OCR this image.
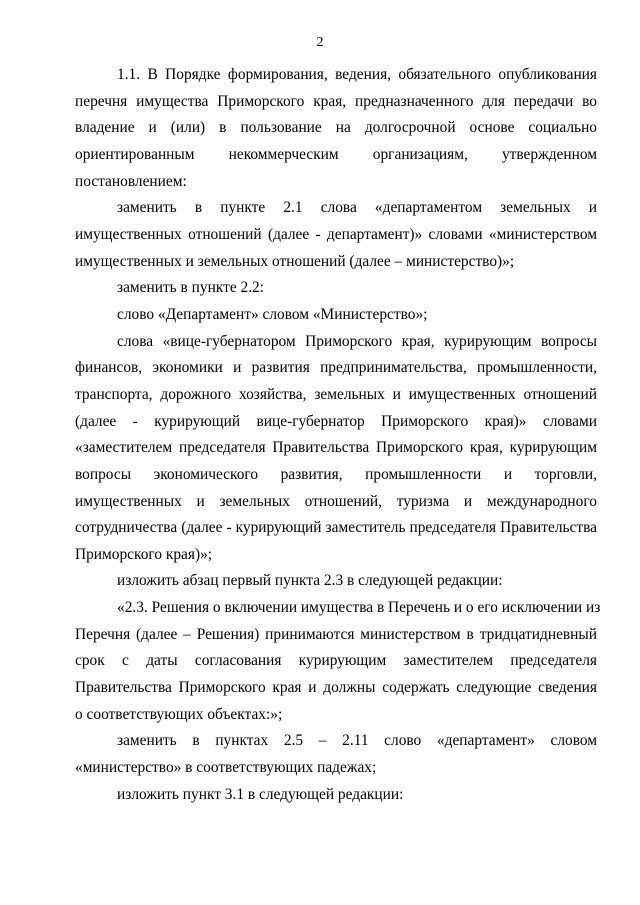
2
1.1. В Порядке формирования, ведения, обязательного опубликования
перечня имущества Приморского края, предназначенного для передачи во
владение и (или) в пользование на долгосрочной основе социально
ориентированным некоммерческим организациям, утвержденном
постановлением:
заменить в пункте 2.1 слова «департаментом земельных и
имущественных отношений (далее - департамент)» словами «министерством
имущественных и земельных отношений (далее – министерство)»;
заменить в пункте 2.2:
слово «Департамент» словом «Министерство»;
слова «вице-губернатором Приморского края, курирующим вопросы
финансов, экономики и развития предпринимательства, промышленности,
транспорта, дорожного хозяйства, земельных и имущественных отношений
(далее - курирующий вице-губернатор Приморского края)» словами
«заместителем председателя Правительства Приморского края, курирующим
вопросы экономического развития, промышленности и торговли,
имущественных и земельных отношений, туризма и международного
сотрудничества (далее - курирующий заместитель председателя Правительства
Приморского края)»;
изложить абзац первый пункта 2.3 в следующей редакции:
«2.3. Решения о включении имущества в Перечень и о его исключении из
Перечня (далее – Решения) принимаются министерством в тридцатидневный
срок с даты согласования курирующим заместителем председателя
Правительства Приморского края и должны содержать следующие сведения
о соответствующих объектах:»;
заменить в пунктах 2.5 – 2.11 слово «департамент» словом
«министерство» в соответствующих падежах;
изложить пункт 3.1 в следующей редакции:
